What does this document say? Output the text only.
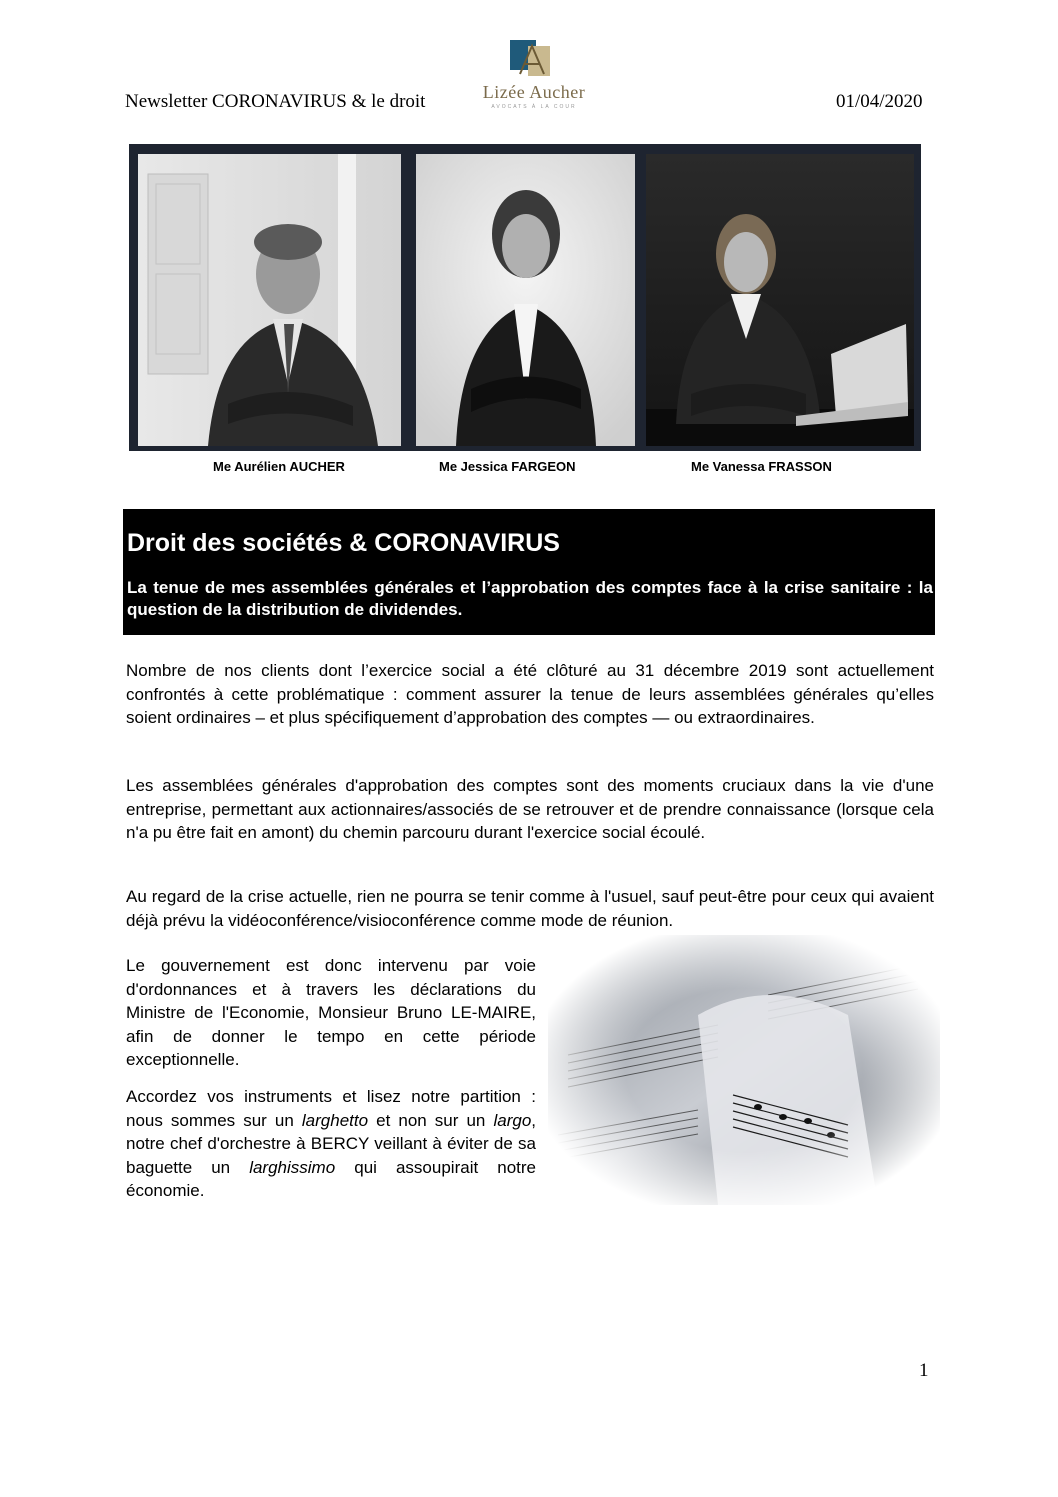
Newsletter CORONAVIRUS & le droit	Lizée Aucher
AVOCATS À LA COUR	01/04/2020
Me Aurélien AUCHER	Me Jessica FARGEON	Me Vanessa FRASSON
Droit des sociétés & CORONAVIRUS
La tenue de mes assemblées générales et l’approbation des comptes face à la crise sanitaire : la question de la distribution de dividendes.
Nombre de nos clients dont l’exercice social a été clôturé au 31 décembre 2019 sont actuellement confrontés à cette problématique : comment assurer la tenue de leurs assemblées générales qu’elles soient ordinaires – et plus spécifiquement d’approbation des comptes — ou extraordinaires.
Les assemblées générales d'approbation des comptes sont des moments cruciaux dans la vie d'une entreprise, permettant aux actionnaires/associés de se retrouver et de prendre connaissance (lorsque cela n'a pu être fait en amont) du chemin parcouru durant l'exercice social écoulé.
Au regard de la crise actuelle, rien ne pourra se tenir comme à l'usuel, sauf peut-être pour ceux qui avaient déjà prévu la vidéoconférence/visioconférence comme mode de réunion.
Le gouvernement est donc intervenu par voie d'ordonnances et à travers les déclarations du Ministre de l'Economie, Monsieur Bruno LE-MAIRE, afin de donner le tempo en cette période exceptionnelle.
Accordez vos instruments et lisez notre partition : nous sommes sur un larghetto et non sur un largo, notre chef d'orchestre à BERCY veillant à éviter de sa baguette un larghissimo qui assoupirait notre économie.
1
